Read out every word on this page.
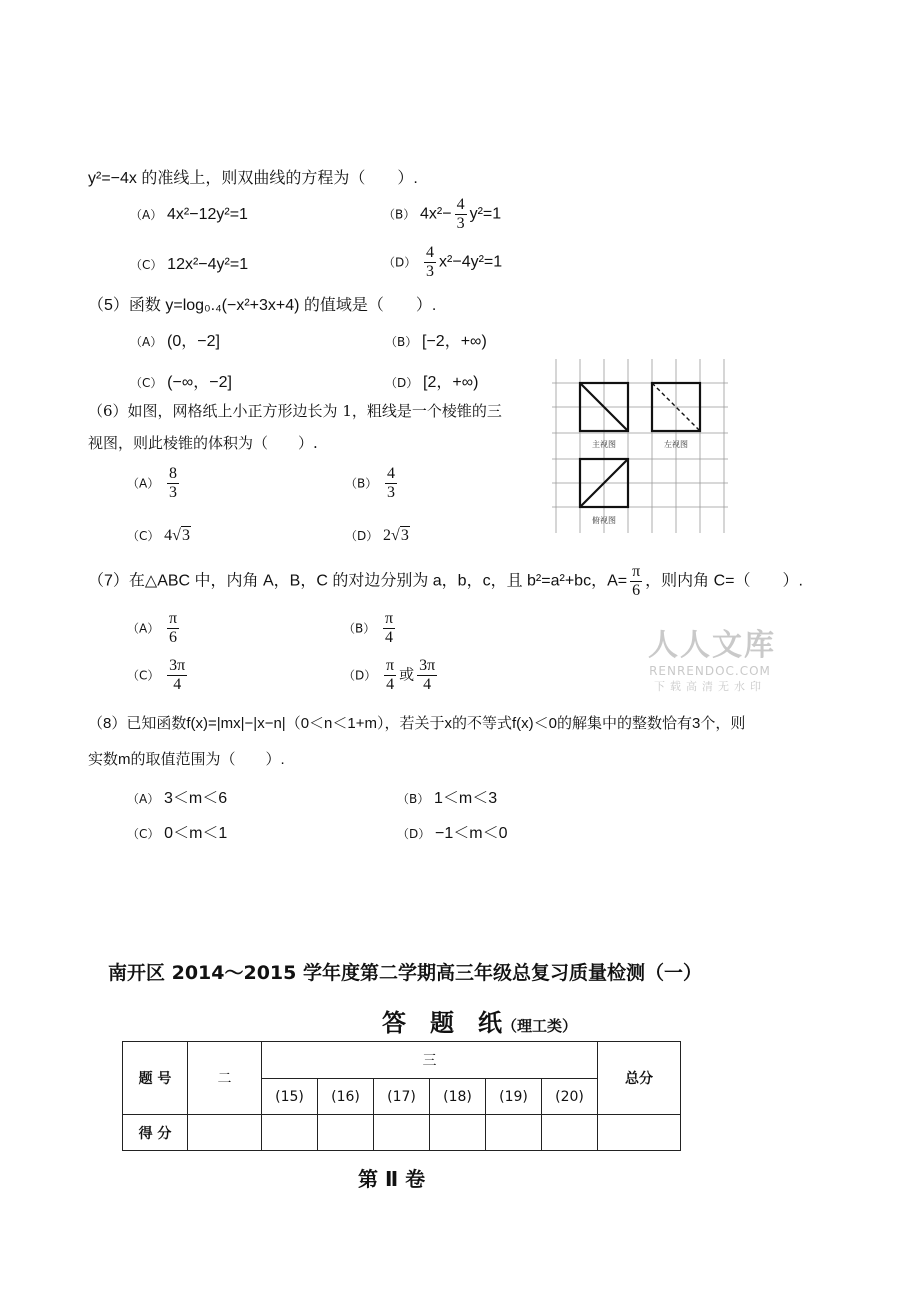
y²=−4x 的准线上，则双曲线的方程为（　　）.
（A） 4x²−12y²=1	（B） $4x^2- \frac{4}{3} y^2=1$
（C） 12x²−4y²=1	$(D) \frac{4}{3} x^2-4y^2=1$
（5）函数 y=log₀.₄(−x²+3x+4) 的值域是（　　）.
（A） (0，−2]	（B） [−2，+∞)
（C） (−∞，−2]	（D） [2，+∞)
（6）如图，网格纸上小正方形边长为 1，粗线是一个棱锥的三
视图，则此棱锥的体积为（　　）.
$(A) \frac{8}{3}$	$(B) \frac{4}{3}$
（C） 4 √ 3	（D） 2 √ 3
主视图	左视图
俯视图
（7）在△ABC 中，内角 A，B，C 的对边分别为 a，b，c，且 b²=a²+bc，$A= \frac{\pi}{6}$ ，则内角 C=（　　）.
$(A) \frac{\pi}{6}$	$(B) \frac{\pi}{4}$
$(C) \frac{3\pi}{4}$	$(D) \frac{\pi}{4}$ 或 $\frac{3\pi}{4}$
人人文库
RENRENDOC.COM
下载高清无水印
（8）已知函数f(x)=|mx|−|x−n|（0＜n＜1+m），若关于x的不等式f(x)＜0的解集中的整数恰有3个，则
实数m的取值范围为（　　）.
（A） 3＜m＜6	（B） 1＜m＜3
（C） 0＜m＜1	（D） −1＜m＜0
南开区 2014～2015 学年度第二学期高三年级总复习质量检测（一）
答　题　纸（理工类）
题 号	二	三						总分
		(15)	(16)	(17)	(18)	(19)	(20)	
得 分								
第 Ⅱ 卷
